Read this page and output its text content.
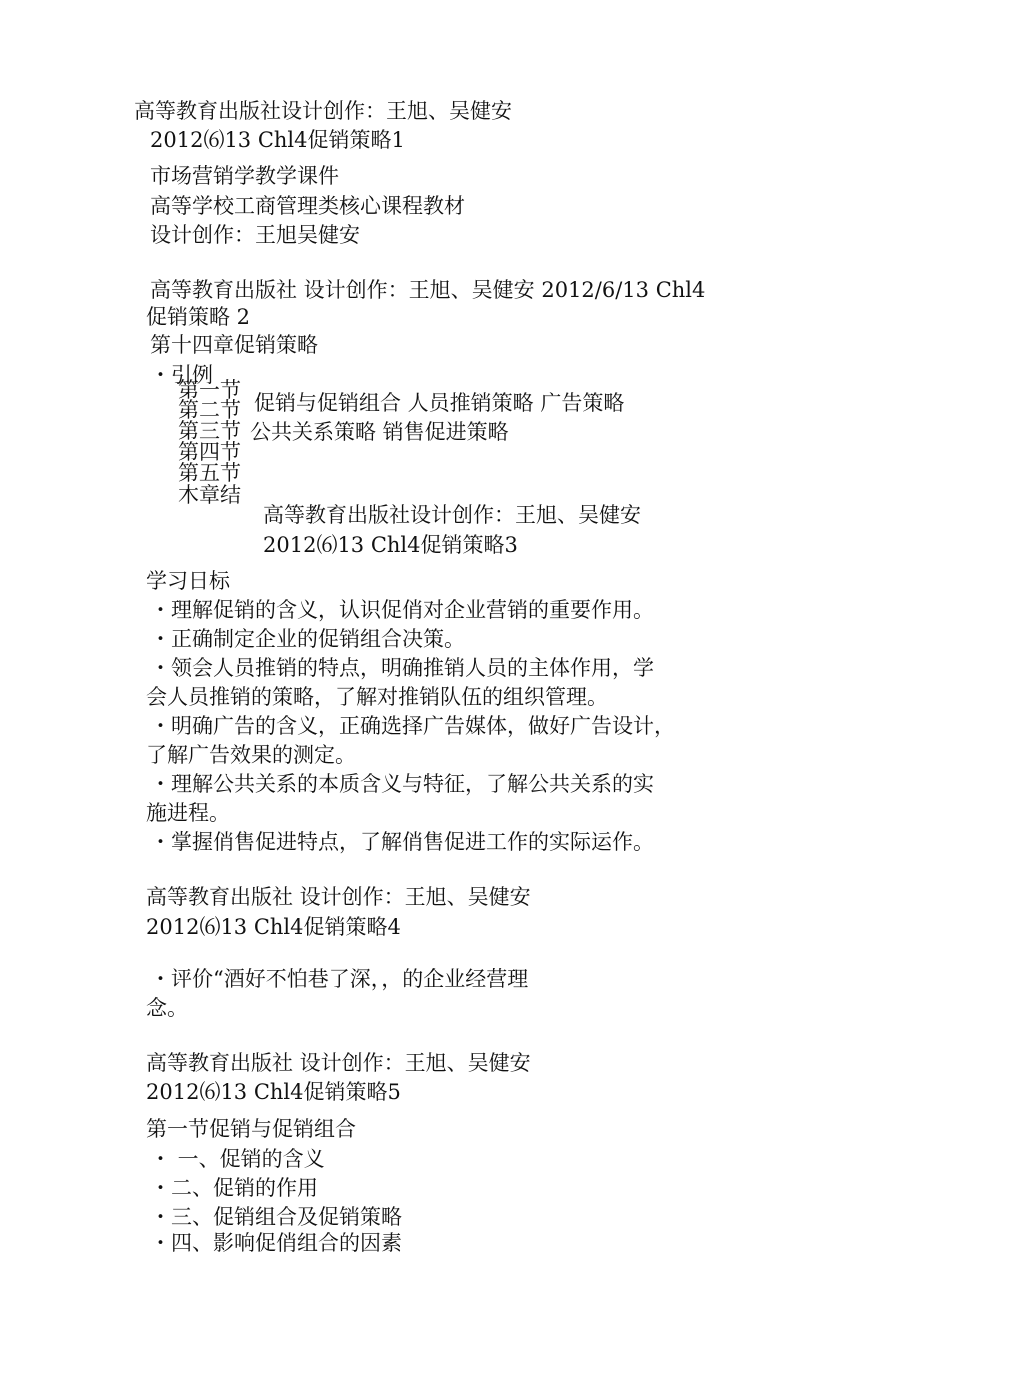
高等教育出版社设计创作：王旭、吴健安
2012⑹13 Chl4促销策略1
市场营销学教学课件
高等学校工商管理类核心课程教材
设计创作：王旭吴健安
高等教育出版社 设计创作：王旭、吴健安 2012/6/13 Chl4
促销策略 2
第十四章促销策略
・引例
第一节
第二节
第三节
第四节
第五节
木章结
促销与促销组合 人员推销策略 广告策略
公共关系策略 销售促进策略
高等教育出版社设计创作：王旭、吴健安
2012⑹13 Chl4促销策略3
学习日标
・理解促销的含义，认识促俏对企业营销的重要作用。
・正确制定企业的促销组合决策。
・领会人员推销的特点，明确推销人员的主体作用，学
会人员推销的策略，了解对推销队伍的组织管理。
・明确广告的含义，正确选择广告媒体，做好广告设计，
了解广告效果的测定。
・理解公共关系的本质含义与特征，了解公共关系的实
施进程。
・掌握俏售促进特点，了解俏售促进工作的实际运作。
高等教育出版社 设计创作：王旭、吴健安
2012⑹13 Chl4促销策略4
・评价“酒好不怕巷了深，，的企业经营理
念。
高等教育出版社 设计创作：王旭、吴健安
2012⑹13 Chl4促销策略5
第一节促销与促销组合
・ 一、促销的含义
・二、促销的作用
・三、促销组合及促销策略
・四、影响促俏组合的因素
